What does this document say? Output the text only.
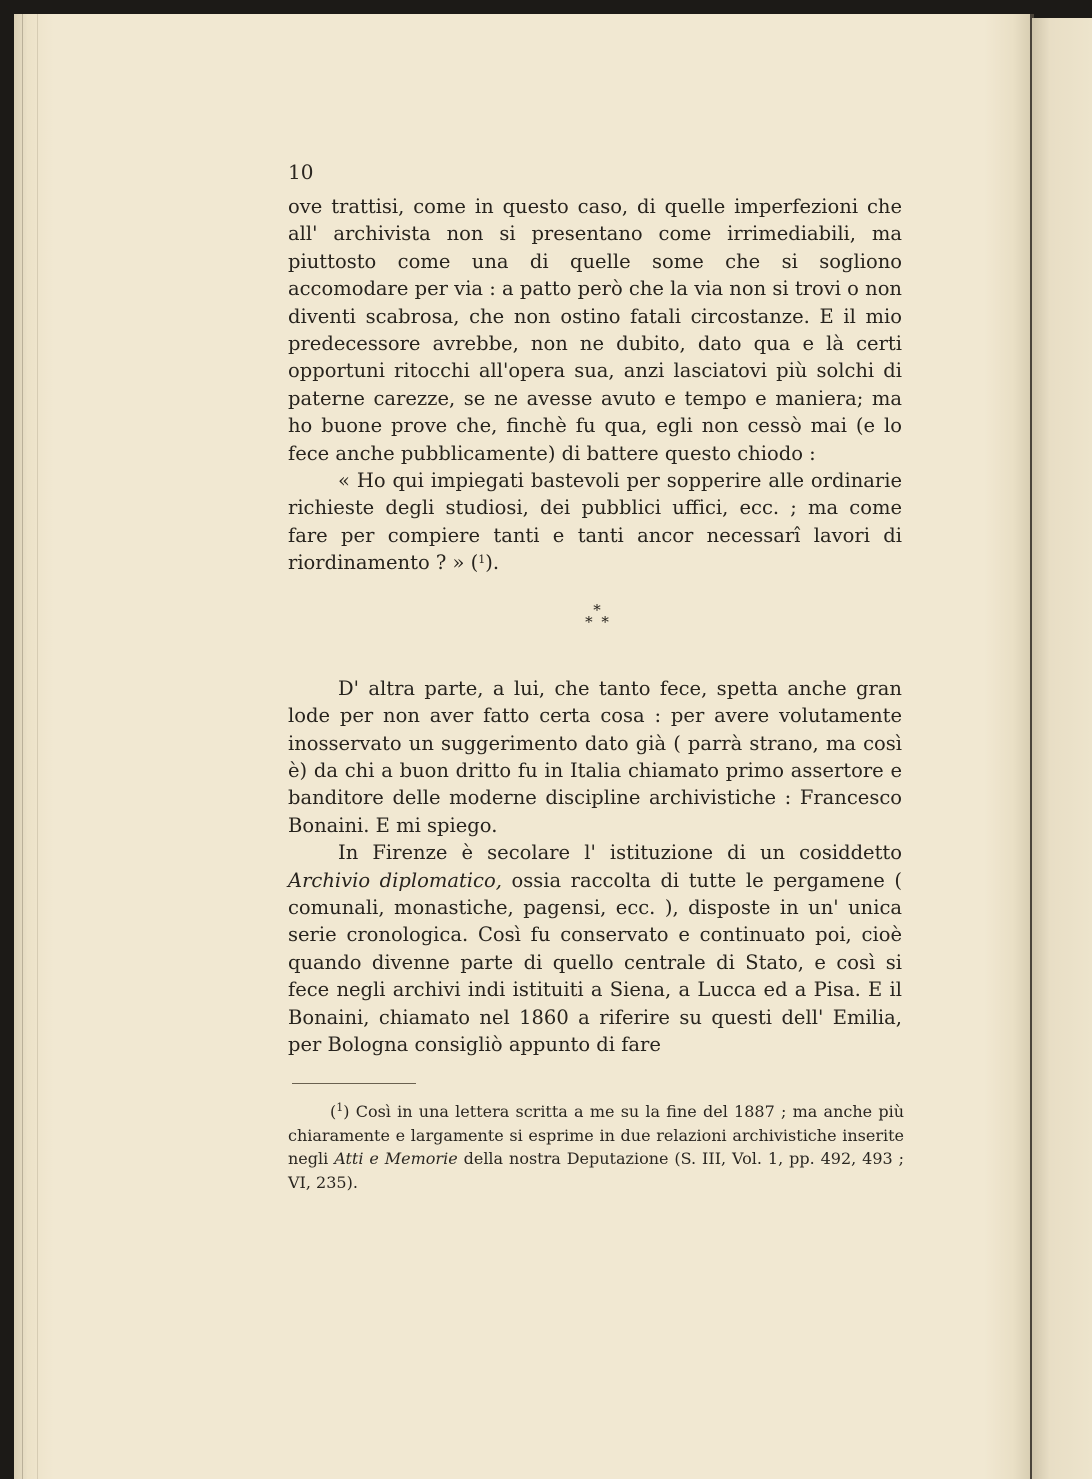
10

ove trattisi, come in questo caso, di quelle imperfezioni che all' archivista non si presentano come irrimediabili, ma piuttosto come una di quelle some che si sogliono accomodare per via : a patto però che la via non si trovi o non diventi scabrosa, che non ostino fatali circostanze. E il mio predecessore avrebbe, non ne dubito, dato qua e là certi opportuni ritocchi all'opera sua, anzi lasciatovi più solchi di paterne carezze, se ne avesse avuto e tempo e maniera; ma ho buone prove che, finchè fu qua, egli non cessò mai (e lo fece anche pubblicamente) di battere questo chiodo :

« Ho qui impiegati bastevoli per sopperire alle ordinarie richieste degli studiosi, dei pubblici uffici, ecc. ; ma come fare per compiere tanti e tanti ancor necessarî lavori di riordinamento ? » ($^1$).

*
* *

D' altra parte, a lui, che tanto fece, spetta anche gran lode per non aver fatto certa cosa : per avere volutamente inosservato un suggerimento dato già ( parrà strano, ma così è) da chi a buon dritto fu in Italia chiamato primo assertore e banditore delle moderne discipline archivistiche : Francesco Bonaini. E mi spiego.

In Firenze è secolare l' istituzione di un cosiddetto Archivio diplomatico, ossia raccolta di tutte le pergamene ( comunali, monastiche, pagensi, ecc. ), disposte in un' unica serie cronologica. Così fu conservato e continuato poi, cioè quando divenne parte di quello centrale di Stato, e così si fece negli archivi indi istituiti a Siena, a Lucca ed a Pisa. E il Bonaini, chiamato nel 1860 a riferire su questi dell' Emilia, per Bologna consigliò appunto di fare

($^1$) Così in una lettera scritta a me su la fine del 1887 ; ma anche più chiaramente e largamente si esprime in due relazioni archivistiche inserite negli Atti e Memorie della nostra Deputazione (S. III, Vol. 1, pp. 492, 493 ; VI, 235).
